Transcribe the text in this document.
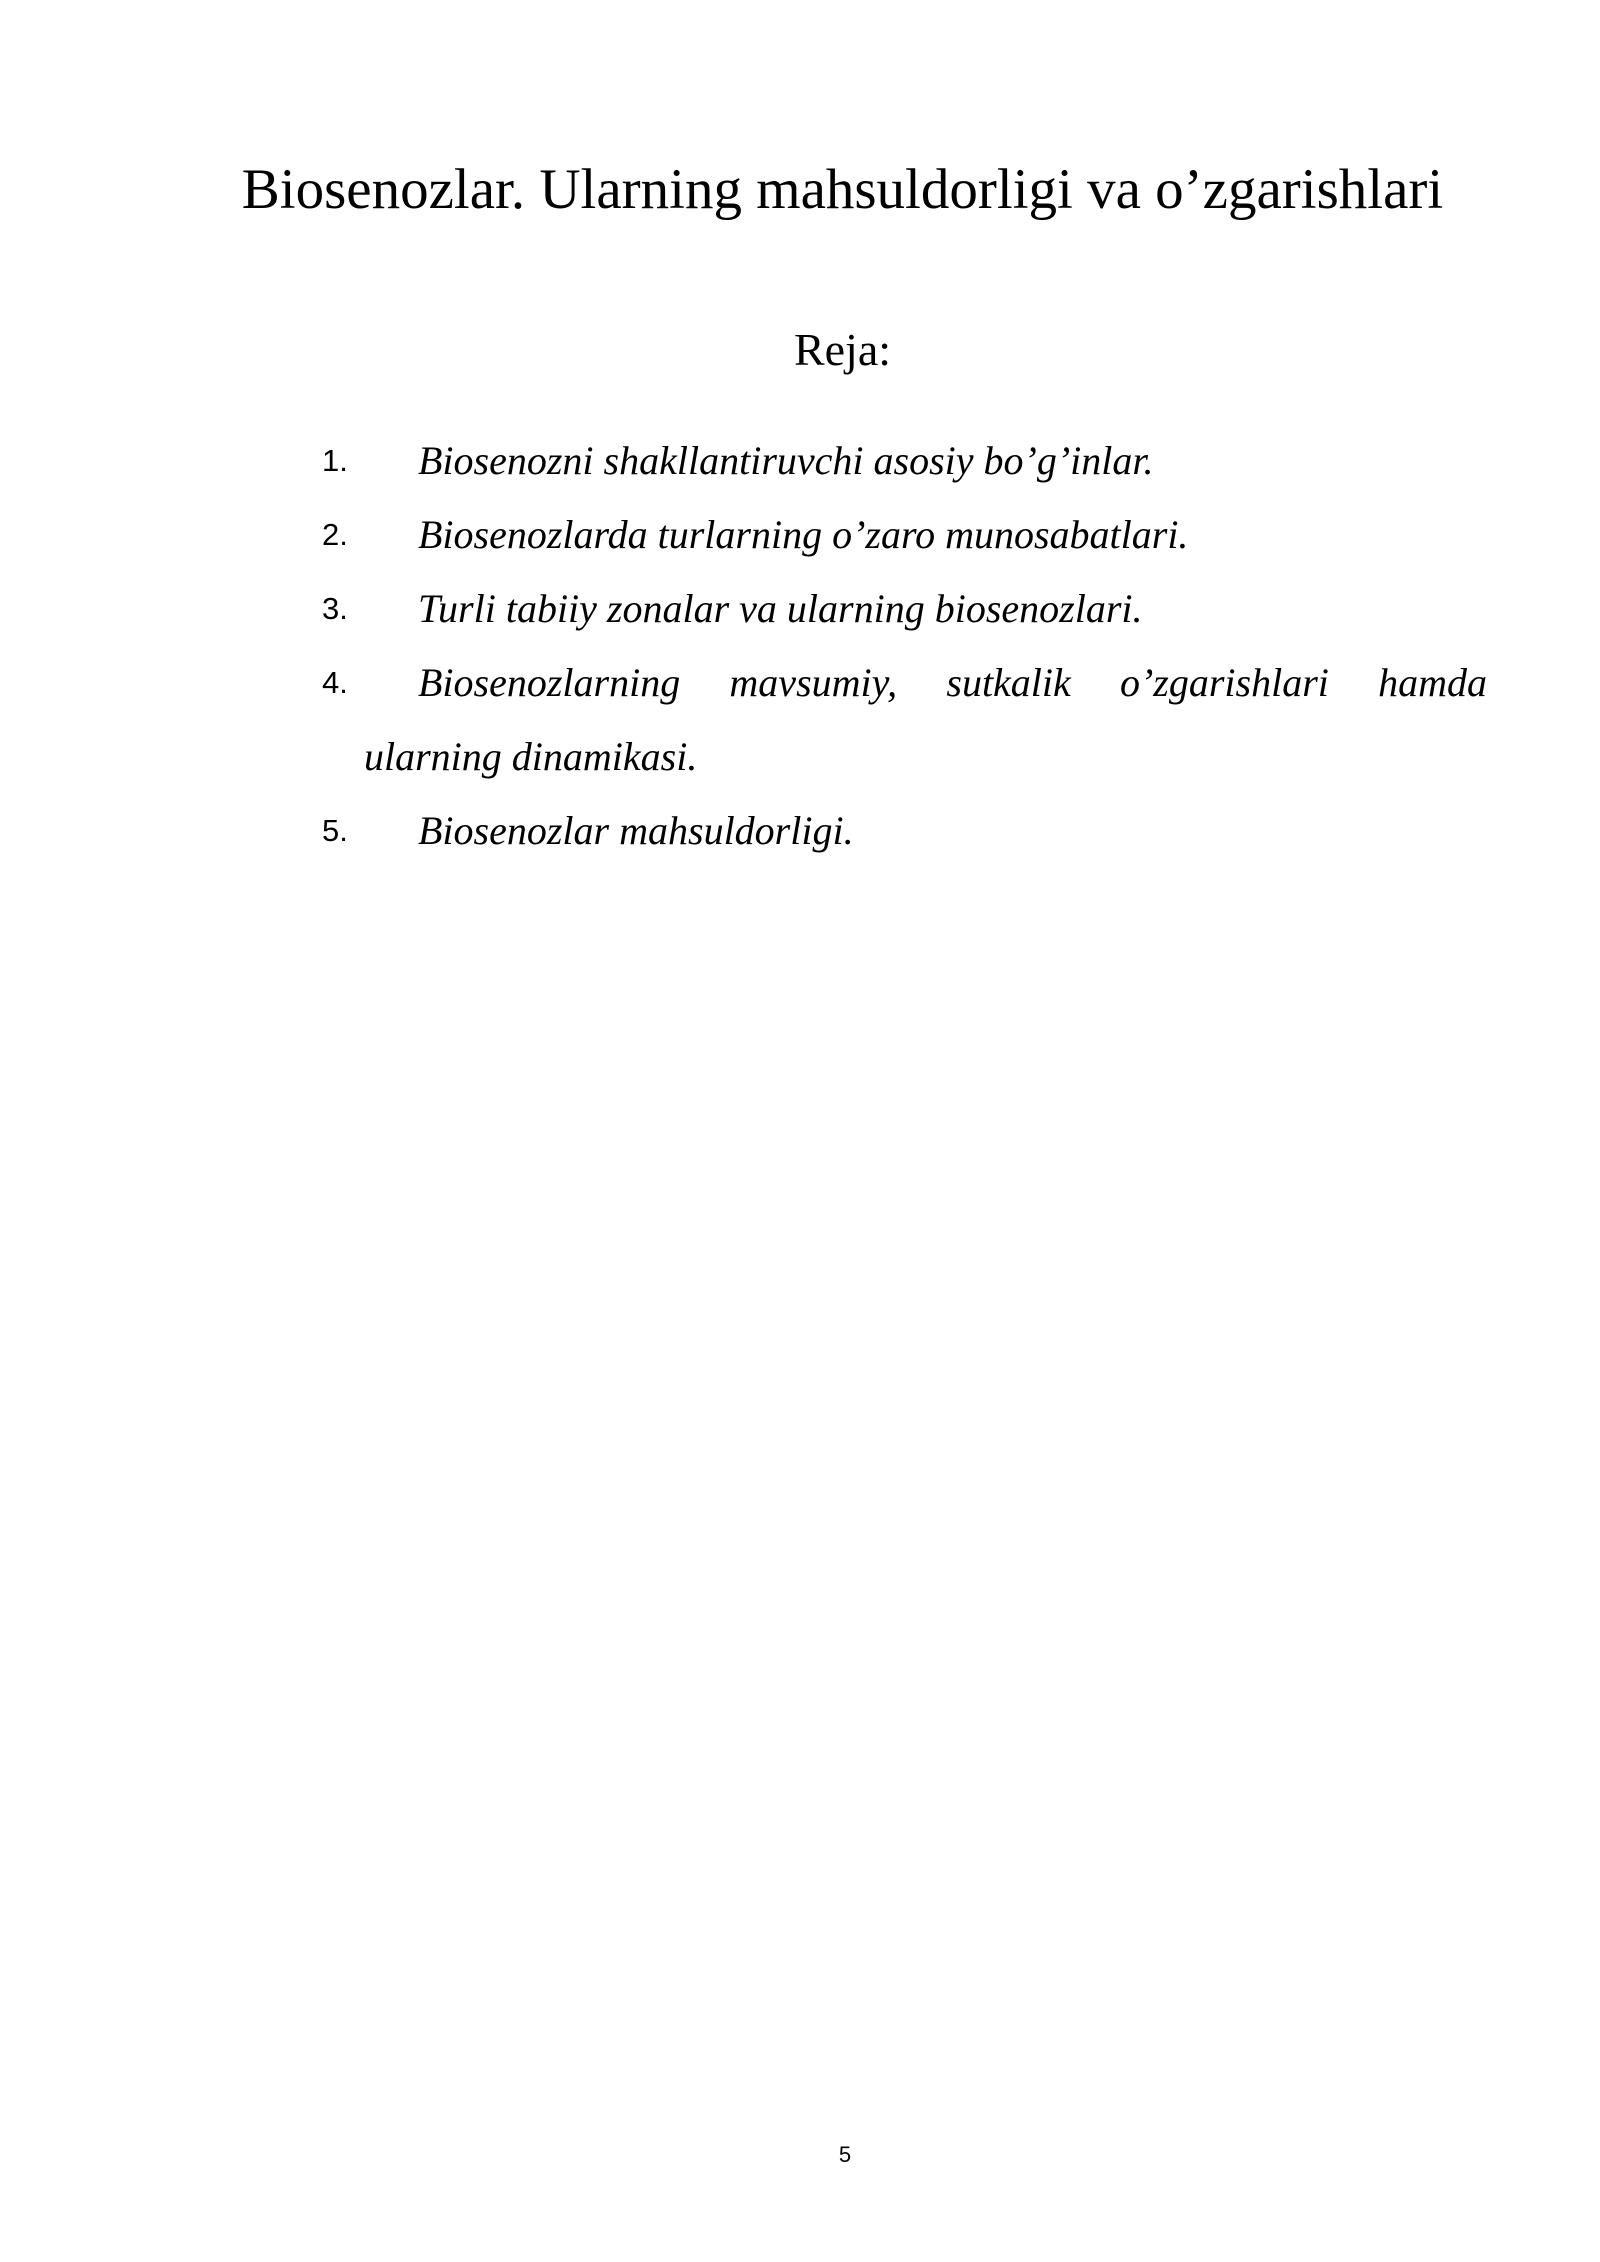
Biosenozlar. Ularning mahsuldorligi va o’zgarishlari
Reja:
1.	Biosenozni shakllantiruvchi asosiy bo’g’inlar.
2.	Biosenozlarda turlarning o’zaro munosabatlari.
3.	Turli tabiiy zonalar va ularning biosenozlari.
4.	Biosenozlarning mavsumiy, sutkalik o’zgarishlari hamda
ularning dinamikasi.
5.	Biosenozlar mahsuldorligi.
5
